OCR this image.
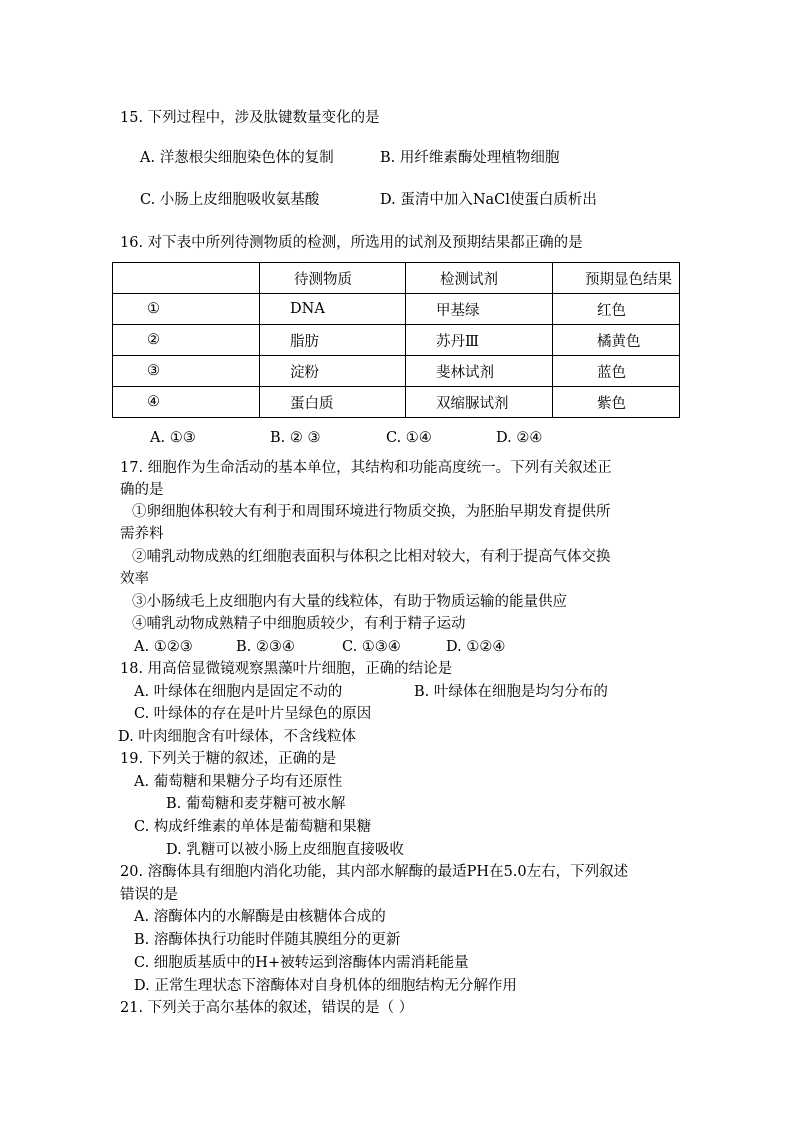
15. 下列过程中，涉及肽键数量变化的是
A. 洋葱根尖细胞染色体的复制	B. 用纤维素酶处理植物细胞
C. 小肠上皮细胞吸收氨基酸	D. 蛋清中加入NaCl使蛋白质析出
16. 对下表中所列待测物质的检测，所选用的试剂及预期结果都正确的是
	待测物质	检测试剂	预期显色结果
①	DNA	甲基绿	红色
②	脂肪	苏丹Ⅲ	橘黄色
③	淀粉	斐林试剂	蓝色
④	蛋白质	双缩脲试剂	紫色
A. ①③	B. ② ③	C. ①④	D. ②④
17. 细胞作为生命活动的基本单位，其结构和功能高度统一。下列有关叙述正
确的是
①卵细胞体积较大有利于和周围环境进行物质交换，为胚胎早期发育提供所
需养料
②哺乳动物成熟的红细胞表面积与体积之比相对较大，有利于提高气体交换
效率
③小肠绒毛上皮细胞内有大量的线粒体，有助于物质运输的能量供应
④哺乳动物成熟精子中细胞质较少，有利于精子运动
A. ①②③	B. ②③④	C. ①③④	D. ①②④
18. 用高倍显微镜观察黑藻叶片细胞，正确的结论是
A. 叶绿体在细胞内是固定不动的	B. 叶绿体在细胞是均匀分布的
C. 叶绿体的存在是叶片呈绿色的原因
D. 叶肉细胞含有叶绿体，不含线粒体
19. 下列关于糖的叙述，正确的是
A. 葡萄糖和果糖分子均有还原性
B. 葡萄糖和麦芽糖可被水解
C. 构成纤维素的单体是葡萄糖和果糖
D. 乳糖可以被小肠上皮细胞直接吸收
20. 溶酶体具有细胞内消化功能，其内部水解酶的最适PH在5.0左右，下列叙述
错误的是
A. 溶酶体内的水解酶是由核糖体合成的
B. 溶酶体执行功能时伴随其膜组分的更新
C. 细胞质基质中的H+被转运到溶酶体内需消耗能量
D. 正常生理状态下溶酶体对自身机体的细胞结构无分解作用
21. 下列关于高尔基体的叙述，错误的是（ ）
